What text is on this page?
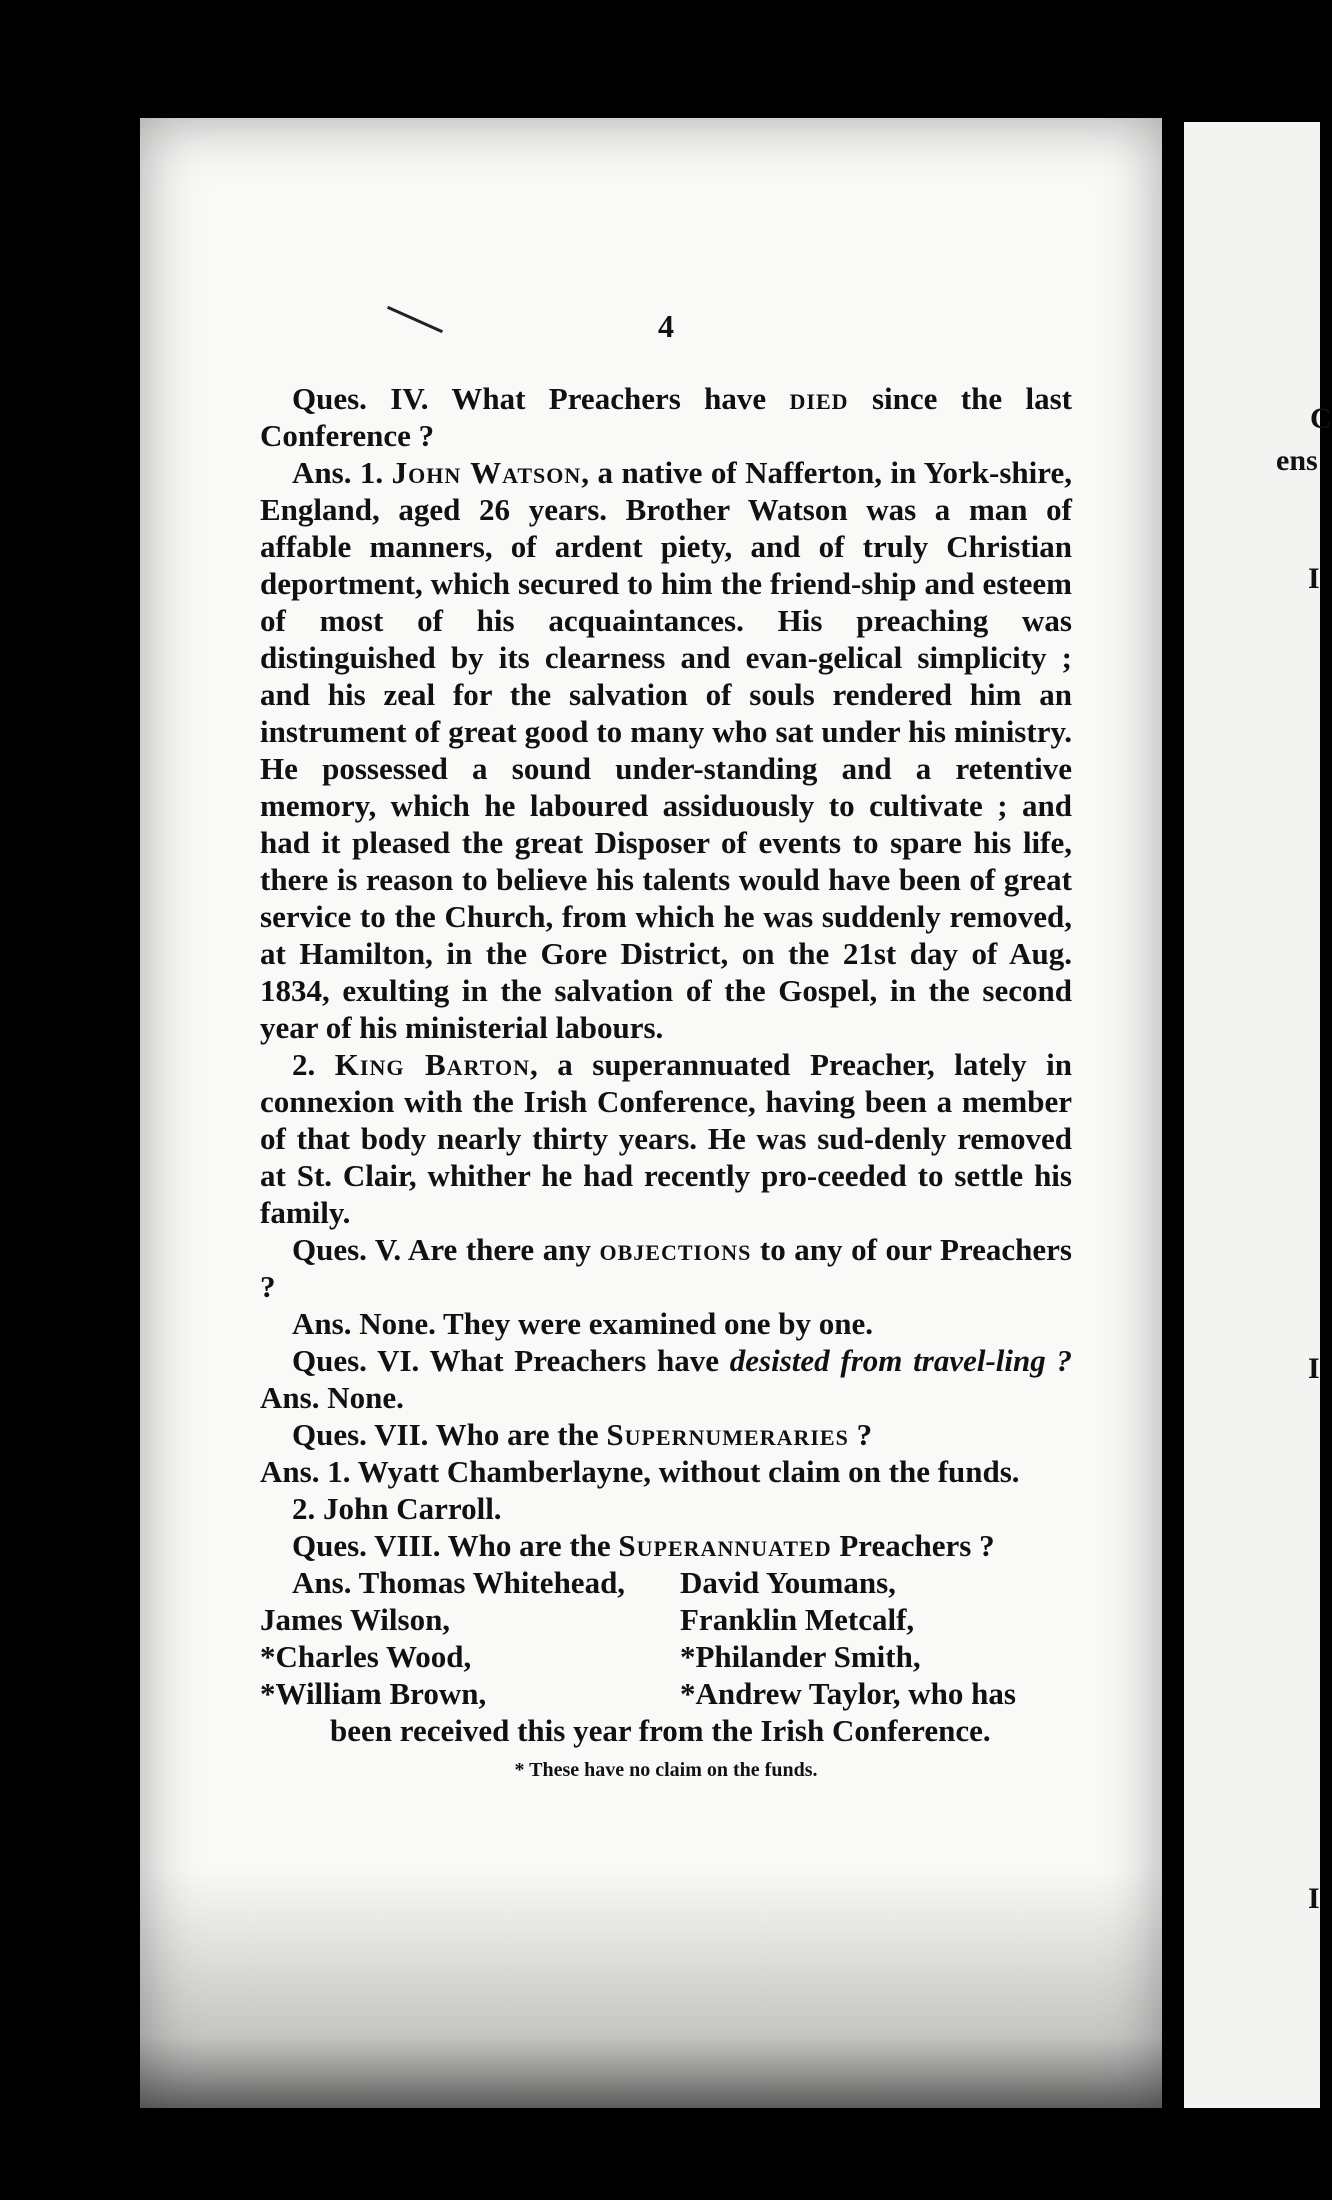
4

Ques. IV. What Preachers have died since the last Conference ?

Ans. 1. John Watson, a native of Nafferton, in York-shire, England, aged 26 years. Brother Watson was a man of affable manners, of ardent piety, and of truly Christian deportment, which secured to him the friend-ship and esteem of most of his acquaintances. His preaching was distinguished by its clearness and evan-gelical simplicity ; and his zeal for the salvation of souls rendered him an instrument of great good to many who sat under his ministry. He possessed a sound under-standing and a retentive memory, which he laboured assiduously to cultivate ; and had it pleased the great Disposer of events to spare his life, there is reason to believe his talents would have been of great service to the Church, from which he was suddenly removed, at Hamilton, in the Gore District, on the 21st day of Aug. 1834, exulting in the salvation of the Gospel, in the second year of his ministerial labours.

2. King Barton, a superannuated Preacher, lately in connexion with the Irish Conference, having been a member of that body nearly thirty years. He was sud-denly removed at St. Clair, whither he had recently pro-ceeded to settle his family.

Ques. V. Are there any objections to any of our Preachers ?

Ans. None. They were examined one by one.

Ques. VI. What Preachers have desisted from travel-ling ? Ans. None.

Ques. VII. Who are the Supernumeraries ?

Ans. 1. Wyatt Chamberlayne, without claim on the funds.

2. John Carroll.

Ques. VIII. Who are the Superannuated Preachers ?

Ans. Thomas Whitehead,	David Youmans,
James Wilson,	Franklin Metcalf,
*Charles Wood,	*Philander Smith,
*William Brown,	*Andrew Taylor, who has

been received this year from the Irish Conference.

* These have no claim on the funds.
C
ens
I
I
I
